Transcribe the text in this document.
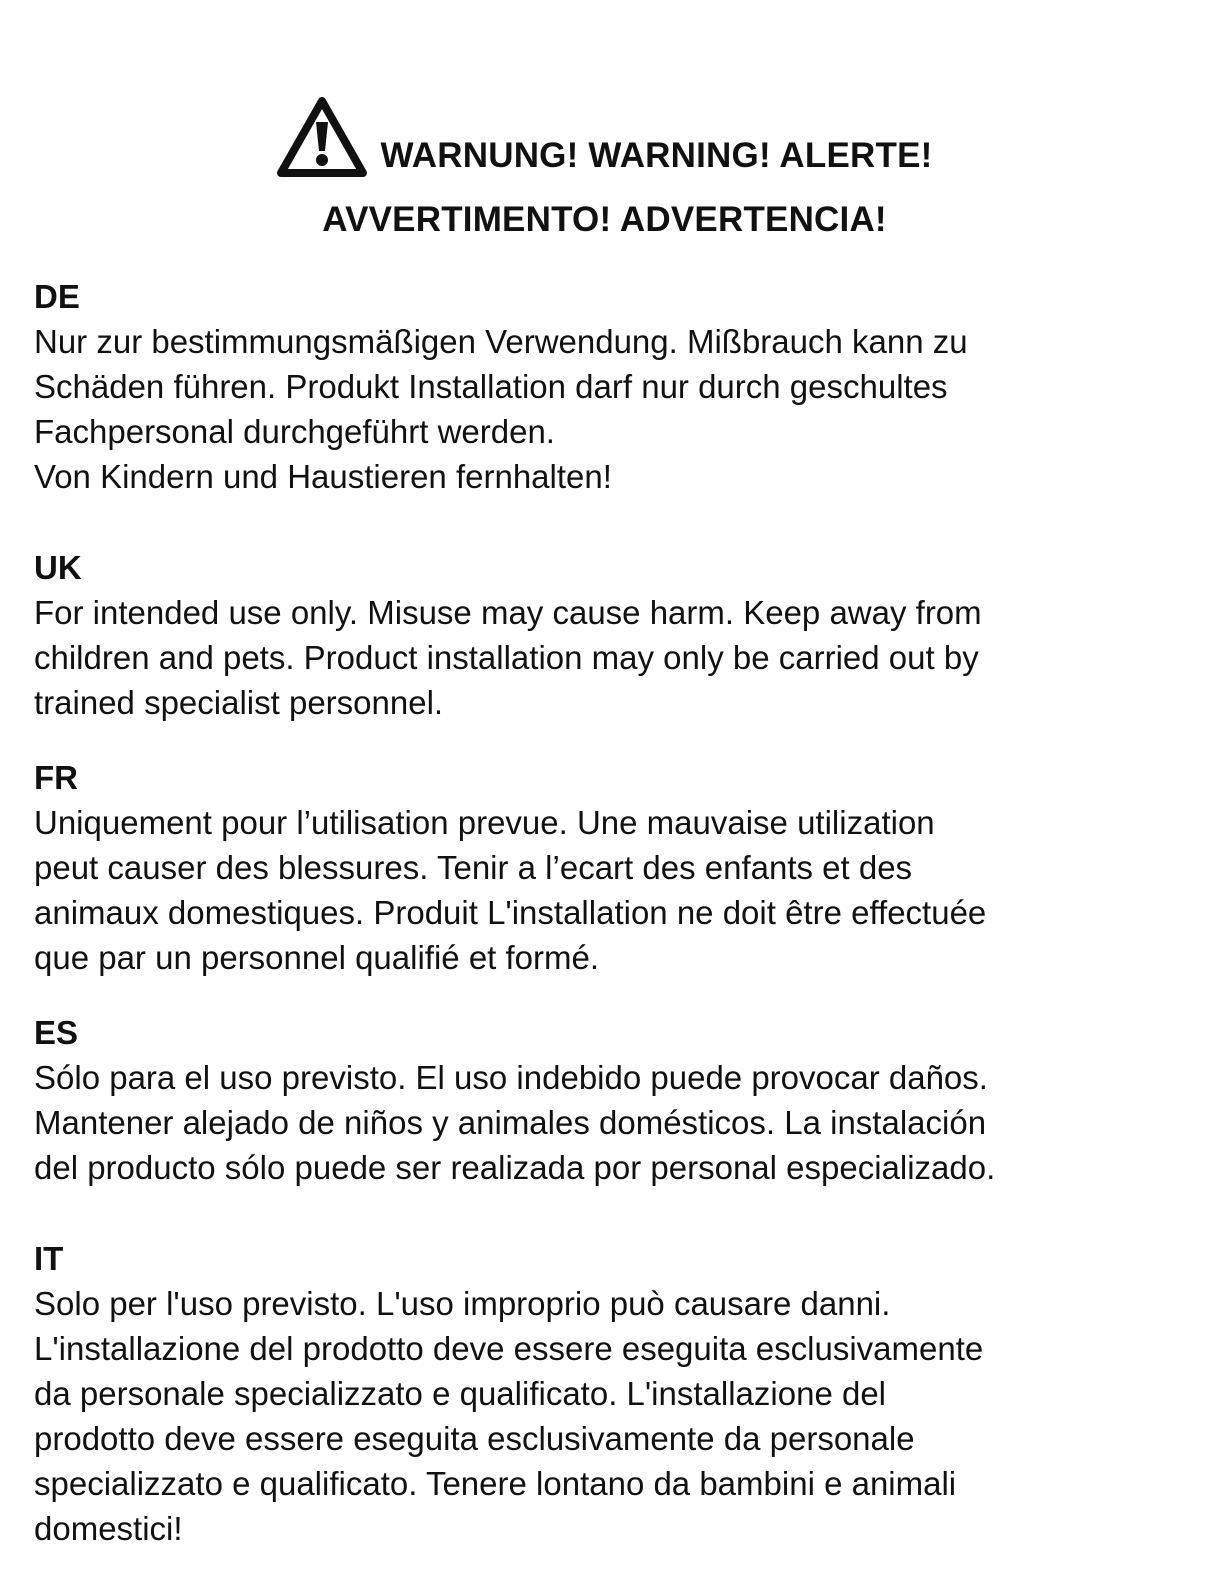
WARNUNG! WARNING! ALERTE!
AVVERTIMENTO! ADVERTENCIA!
DE
Nur zur bestimmungsmäßigen Verwendung. Mißbrauch kann zu
Schäden führen. Produkt Installation darf nur durch geschultes
Fachpersonal durchgeführt werden.
Von Kindern und Haustieren fernhalten!
UK
For intended use only. Misuse may cause harm. Keep away from
children and pets. Product installation may only be carried out by
trained specialist personnel.
FR
Uniquement pour l’utilisation prevue. Une mauvaise utilization
peut causer des blessures. Tenir a l’ecart des enfants et des
animaux domestiques. Produit L'installation ne doit être effectuée
que par un personnel qualifié et formé.
ES
Sólo para el uso previsto. El uso indebido puede provocar daños.
Mantener alejado de niños y animales domésticos. La instalación
del producto sólo puede ser realizada por personal especializado.
IT
Solo per l'uso previsto. L'uso improprio può causare danni.
L'installazione del prodotto deve essere eseguita esclusivamente
da personale specializzato e qualificato. L'installazione del
prodotto deve essere eseguita esclusivamente da personale
specializzato e qualificato. Tenere lontano da bambini e animali
domestici!
